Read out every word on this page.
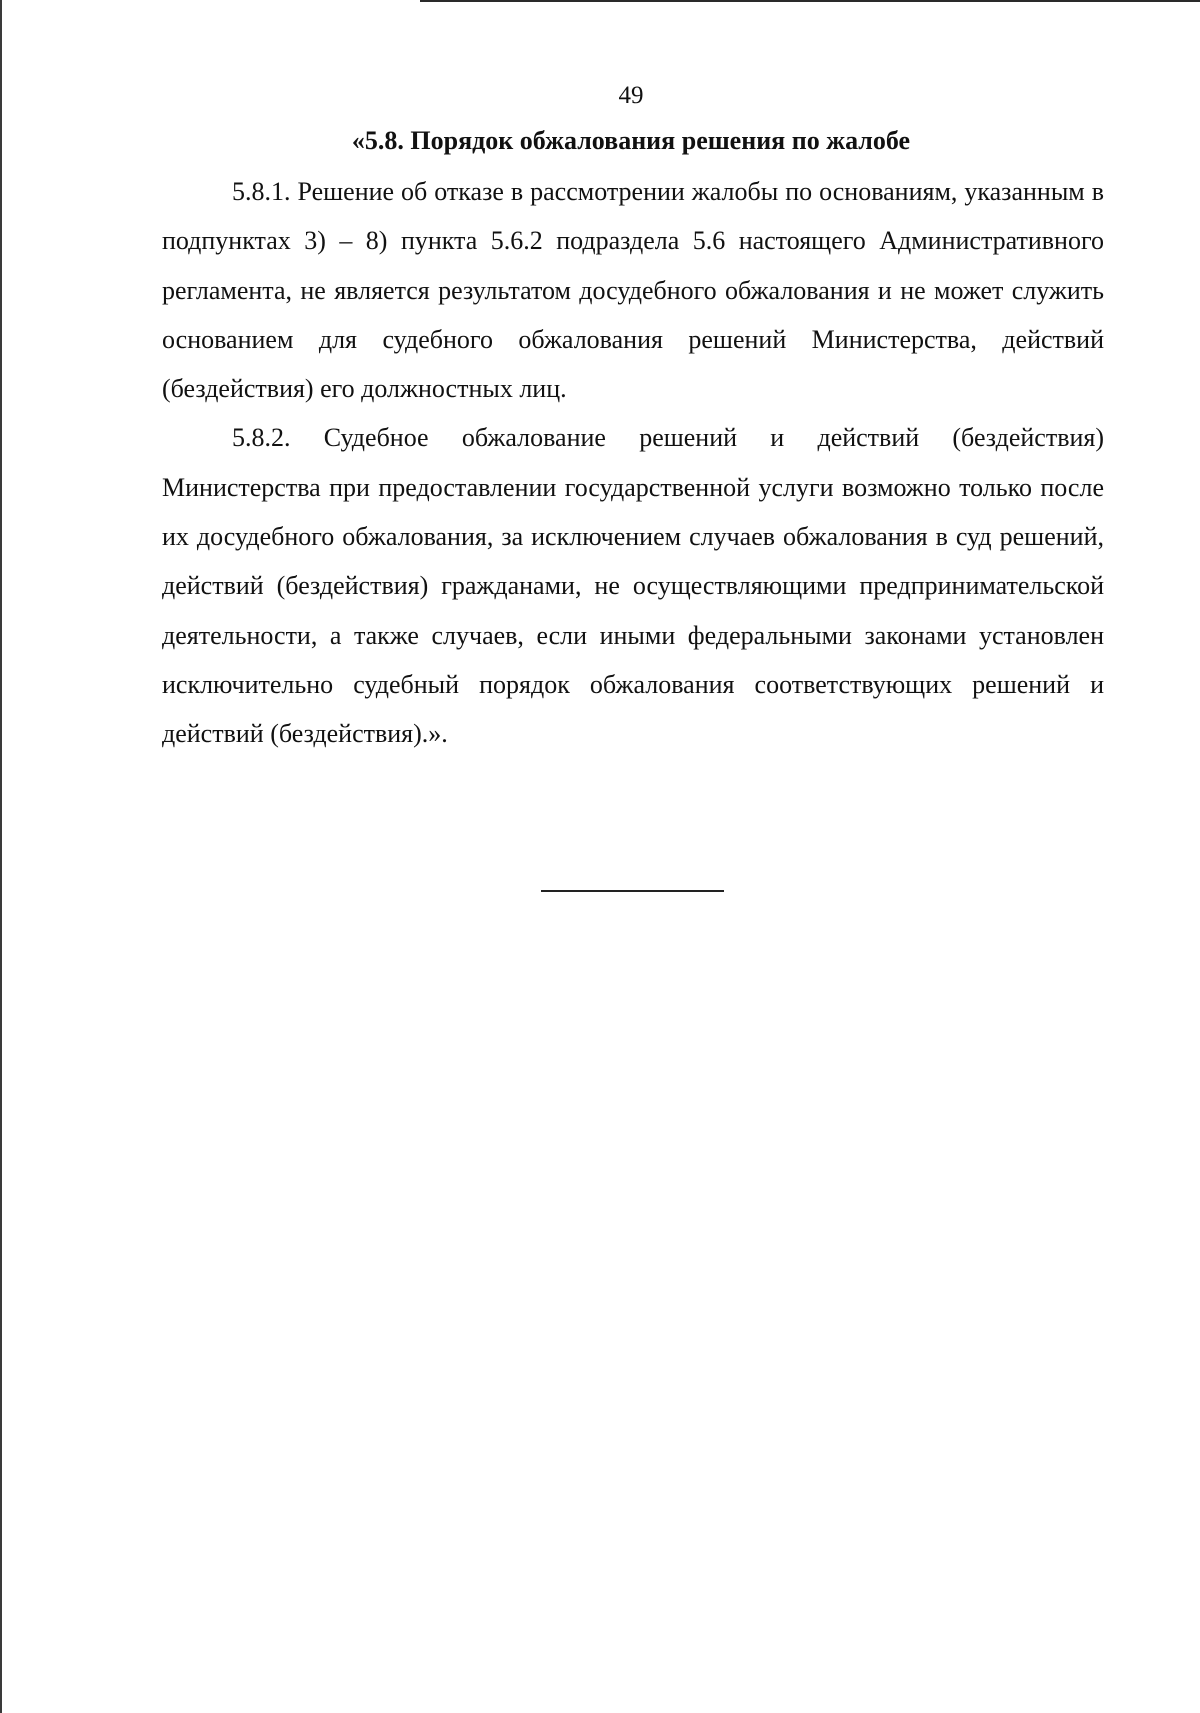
49
«5.8. Порядок обжалования решения по жалобе

5.8.1. Решение об отказе в рассмотрении жалобы по основаниям, указанным в подпунктах 3) – 8) пункта 5.6.2 подраздела 5.6 настоящего Административного регламента, не является результатом досудебного обжалования и не может служить основанием для судебного обжалования решений Министерства, действий (бездействия) его должностных лиц.

5.8.2. Судебное обжалование решений и действий (бездействия) Министерства при предоставлении государственной услуги возможно только после их досудебного обжалования, за исключением случаев обжалования в суд решений, действий (бездействия) гражданами, не осуществляющими предпринимательской деятельности, а также случаев, если иными федеральными законами установлен исключительно судебный порядок обжалования соответствующих решений и действий (бездействия).».
